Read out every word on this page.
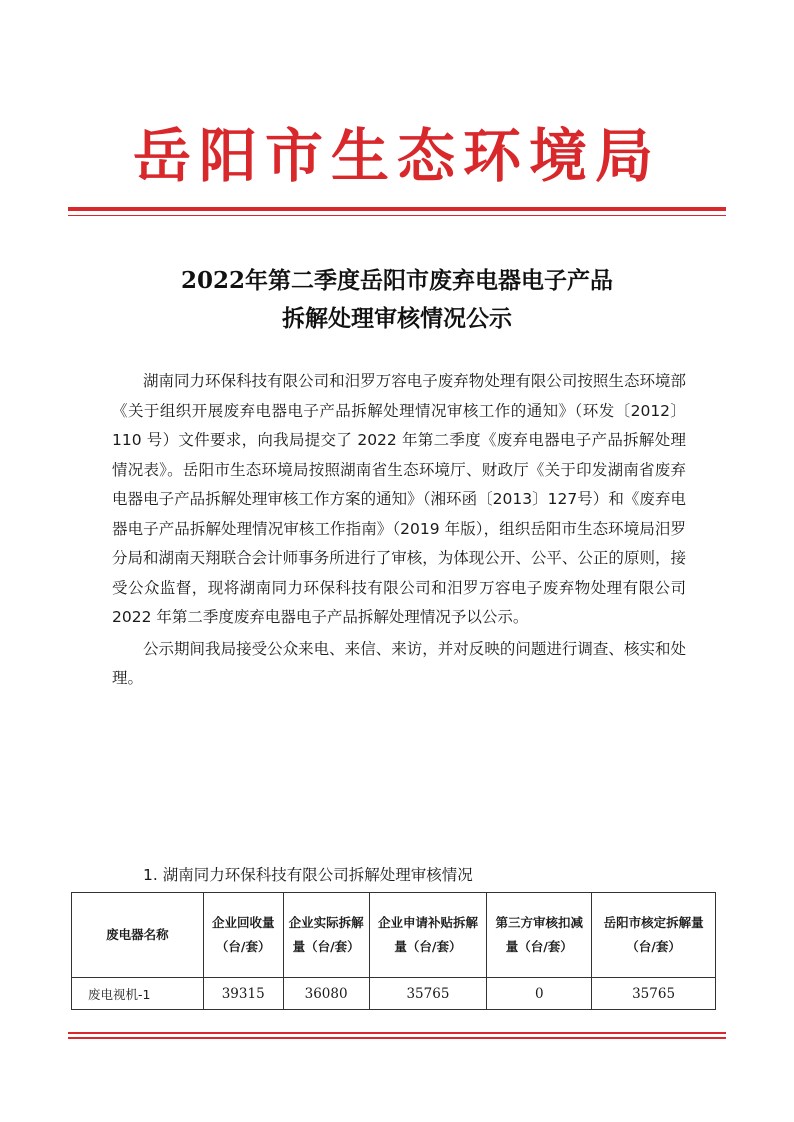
岳阳市生态环境局
2022年第二季度岳阳市废弃电器电子产品
拆解处理审核情况公示

湖南同力环保科技有限公司和汨罗万容电子废弃物处理有限公司按照生态环境部《关于组织开展废弃电器电子产品拆解处理情况审核工作的通知》（环发〔2012〕110 号）文件要求，向我局提交了 2022 年第二季度《废弃电器电子产品拆解处理情况表》。岳阳市生态环境局按照湖南省生态环境厅、财政厅《关于印发湖南省废弃电器电子产品拆解处理审核工作方案的通知》（湘环函〔2013〕127号）和《废弃电器电子产品拆解处理情况审核工作指南》（2019 年版），组织岳阳市生态环境局汨罗分局和湖南天翔联合会计师事务所进行了审核，为体现公开、公平、公正的原则，接受公众监督，现将湖南同力环保科技有限公司和汨罗万容电子废弃物处理有限公司 2022 年第二季度废弃电器电子产品拆解处理情况予以公示。

公示期间我局接受公众来电、来信、来访，并对反映的问题进行调查、核实和处理。

1. 湖南同力环保科技有限公司拆解处理审核情况
废电器名称	企业回收量（台/套）	企业实际拆解量（台/套）	企业申请补贴拆解量（台/套）	第三方审核扣减量（台/套）	岳阳市核定拆解量（台/套）
废电视机-1	39315	36080	35765	0	35765
